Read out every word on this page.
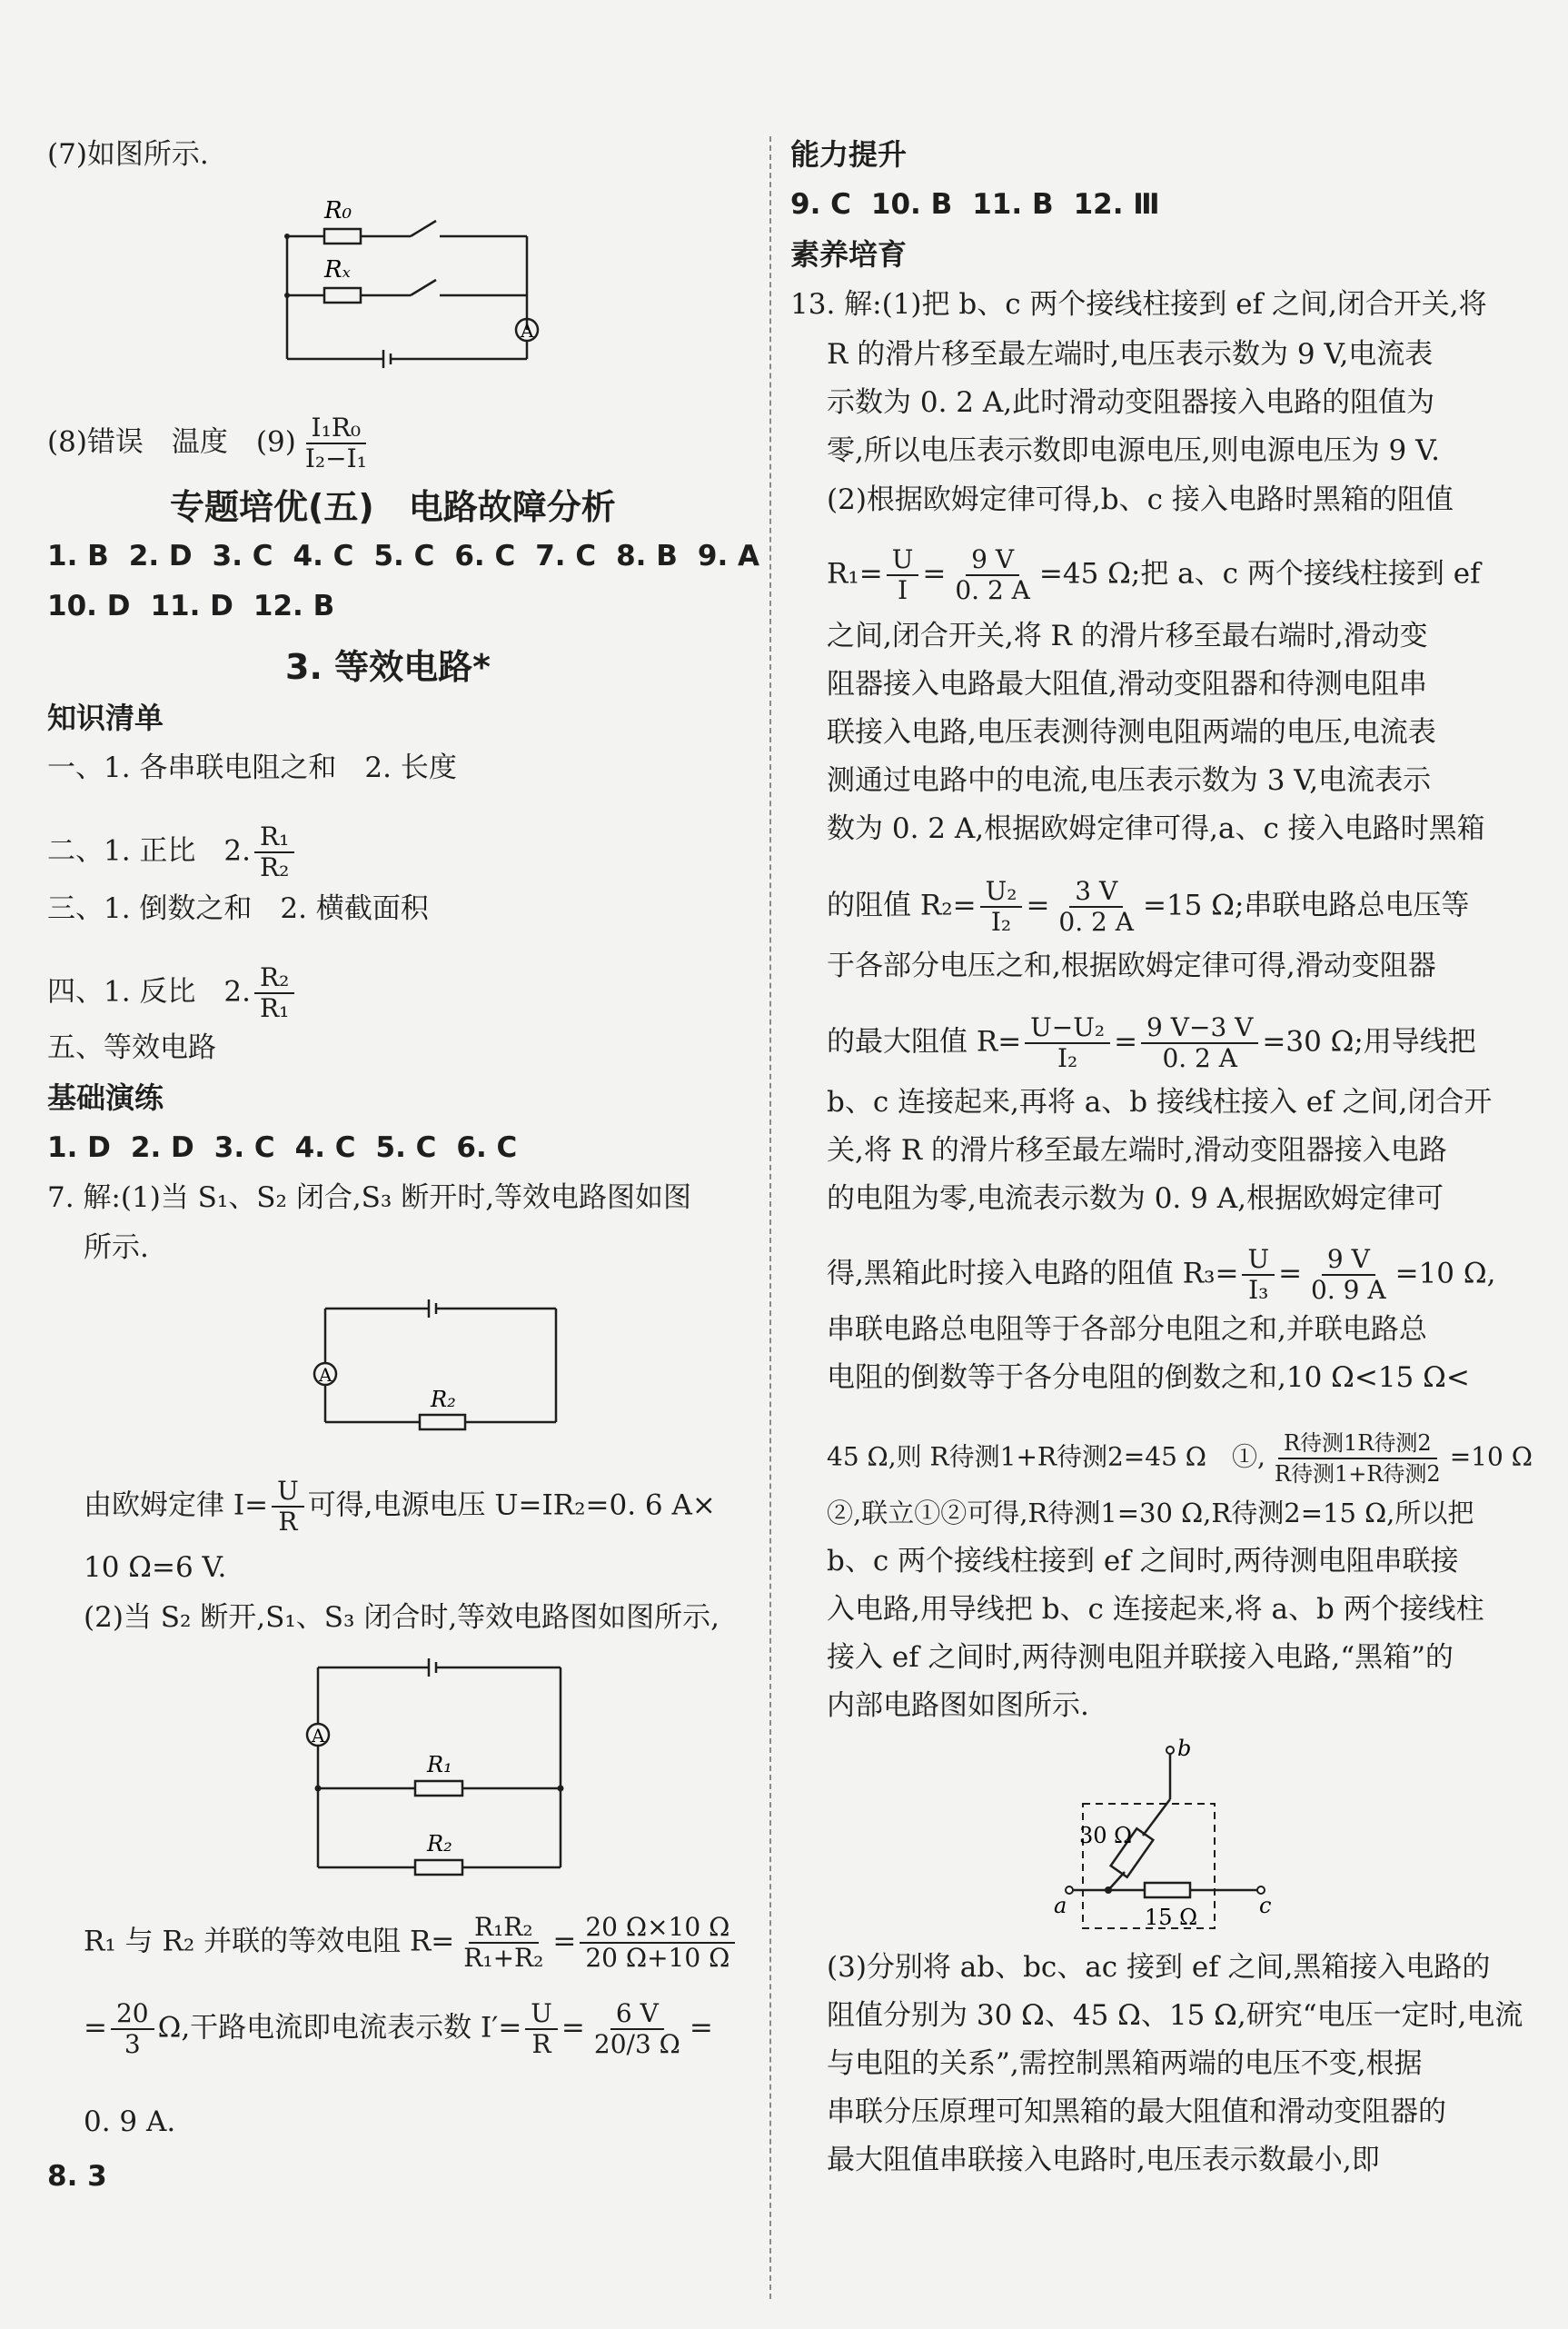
(7)如图所示.
R₀
Rₓ
A
(8)错误　温度　$(9) \frac{\text{I₁R₀}}{\text{I₂−I₁}}$
专题培优(五)　电路故障分析
1. B 2. D 3. C 4. C 5. C 6. C 7. C 8. B 9. A
10. D 11. D 12. B
3. 等效电路*
知识清单
一、1. 各串联电阻之和　2. 长度
二、1. 正比　2. $\frac{\text{R₁}}{\text{R₂}}$
三、1. 倒数之和　2. 横截面积
四、1. 反比　2. $\frac{\text{R₂}}{\text{R₁}}$
五、等效电路
基础演练
1. D 2. D 3. C 4. C 5. C 6. C
7. 解:(1)当 S₁、S₂ 闭合,S₃ 断开时,等效电路图如图
所示.
A
R₂
由欧姆定律 $I= \frac{U}{R}$ 可得,电源电压 U=IR₂=0. 6 A×
10 Ω=6 V.
(2)当 S₂ 断开,S₁、S₃ 闭合时,等效电路图如图所示,
A
R₁
R₂
R₁ 与 R₂ 并联的等效电阻 $R= \frac{\text{R₁R₂}}{\text{R₁+R₂}} = \frac{20 \Omega\times 10 \Omega}{20 \Omega+10 \Omega}$
= $\frac{20}{3} \Omega$,干路电流即电流表示数 $I'= \frac{U}{R} = \frac{6 V}{20/3 \Omega}$ =
0. 9 A.
8. 3
能力提升
9. C 10. B 11. B 12. Ⅲ
素养培育
13. 解:(1)把 b、c 两个接线柱接到 ef 之间,闭合开关,将
R 的滑片移至最左端时,电压表示数为 9 V,电流表
示数为 0. 2 A,此时滑动变阻器接入电路的阻值为
零,所以电压表示数即电源电压,则电源电压为 9 V.
(2)根据欧姆定律可得,b、c 接入电路时黑箱的阻值
$R_1= \frac{U}{I} = \frac{9 V}{0. 2 A} =45$ Ω;把 a、c 两个接线柱接到 ef
之间,闭合开关,将 R 的滑片移至最右端时,滑动变
阻器接入电路最大阻值,滑动变阻器和待测电阻串
联接入电路,电压表测待测电阻两端的电压,电流表
测通过电路中的电流,电压表示数为 3 V,电流表示
数为 0. 2 A,根据欧姆定律可得,a、c 接入电路时黑箱
的阻值 $R_2= \frac{\text{U₂}}{\text{I₂}} = \frac{3 V}{0. 2 A} =15$ Ω;串联电路总电压等
于各部分电压之和,根据欧姆定律可得,滑动变阻器
的最大阻值 $R= \frac{\text{U−U₂}}{\text{I₂}} = \frac{9 V-3 V}{0. 2 A} =30$ Ω;用导线把
b、c 连接起来,再将 a、b 接线柱接入 ef 之间,闭合开
关,将 R 的滑片移至最左端时,滑动变阻器接入电路
的电阻为零,电流表示数为 0. 9 A,根据欧姆定律可
得,黑箱此时接入电路的阻值 $R_3= \frac{U}{\text{I₃}} = \frac{9 V}{0. 9 A} =10$ Ω,
串联电路总电阻等于各部分电阻之和,并联电路总
电阻的倒数等于各分电阻的倒数之和,10 Ω<15 Ω<
45 Ω,则 R待测1+R待测2=45 Ω　①, $\frac{\text{R待测1R待测2}}{\text{R待测1+R待测2}} =10$ Ω
②,联立①②可得,R待测1=30 Ω,R待测2=15 Ω,所以把
b、c 两个接线柱接到 ef 之间时,两待测电阻串联接
入电路,用导线把 b、c 连接起来,将 a、b 两个接线柱
接入 ef 之间时,两待测电阻并联接入电路,“黑箱”的
内部电路图如图所示.
b
a	c
30 Ω
15 Ω
(3)分别将 ab、bc、ac 接到 ef 之间,黑箱接入电路的
阻值分别为 30 Ω、45 Ω、15 Ω,研究“电压一定时,电流
与电阻的关系”,需控制黑箱两端的电压不变,根据
串联分压原理可知黑箱的最大阻值和滑动变阻器的
最大阻值串联接入电路时,电压表示数最小,即
